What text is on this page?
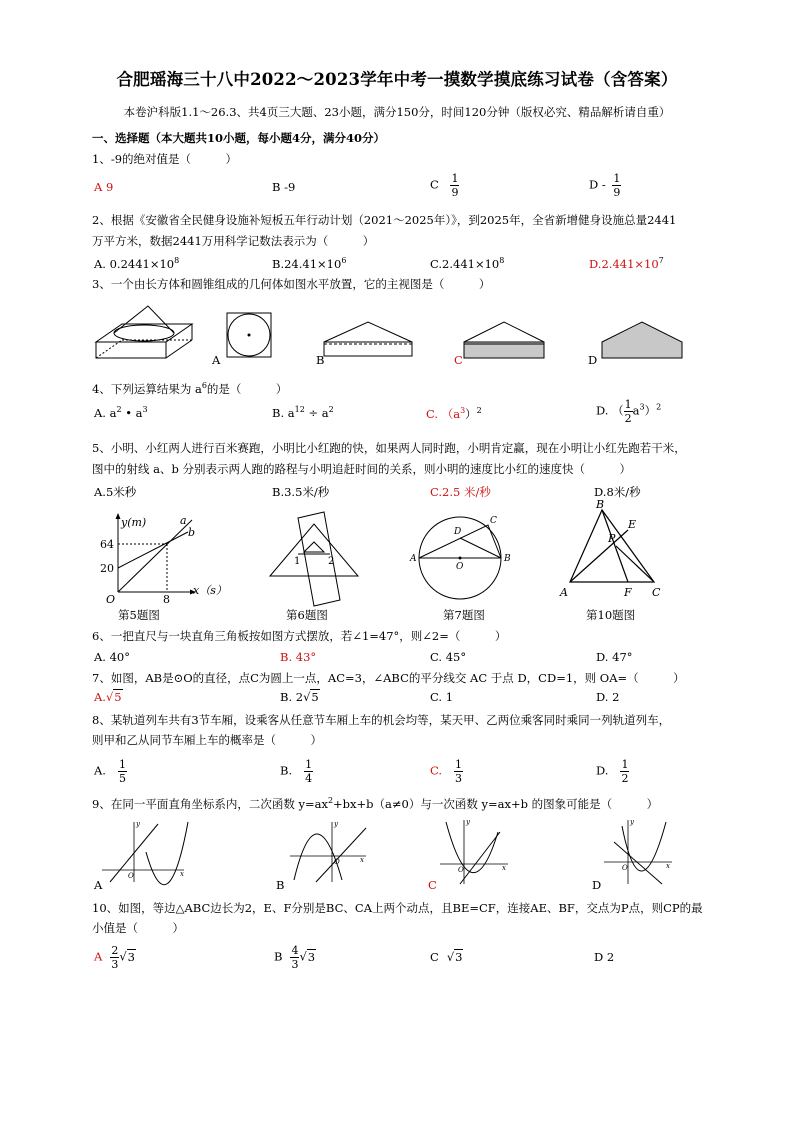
合肥瑶海三十八中2022～2023学年中考一摸数学摸底练习试卷（含答案）
本卷沪科版1.1～26.3、共4页三大题、23小题，满分150分，时间120分钟（版权必究、精品解析请自重）
一、选择题（本大题共10小题，每小题4分，满分40分）
1、-9的绝对值是（　　　）
A 9	B -9	C $\frac{1}{9}$	D - $\frac{1}{9}$
2、根据《安徽省全民健身设施补短板五年行动计划（2021～2025年）》，到2025年，全省新增健身设施总量2441
万平方米，数据2441万用科学记数法表示为（　　　）
A. $0.2441\times 10^8$	$B.24.41\times 10^6$	$C.2.441\times 10^8$	$D.2.441\times 10^7$
3、一个由长方体和圆锥组成的几何体如图水平放置，它的主视图是（　　　）
A	B	C	D
4、下列运算结果为 $a^6$的是（　　　）
A. $a^2$ • $a^3$	B. $a^{12} \div a^2$	C. $(a^3)^2$	D. （ $\frac{1}{2} a^3)^2$
5、小明、小红两人进行百米赛跑，小明比小红跑的快，如果两人同时跑，小明肯定赢，现在小明让小红先跑若干米，
图中的射线 a、b 分别表示两人跑的路程与小明追赶时间的关系，则小明的速度比小红的速度快（　　　）
A.5米秒	B.3.5米/秒	C.2.5 米/秒	D.8米/秒
y(m)
64
20
O	8
x（s）
a
b
第5题图
1	2
第6题图
A	B
C
D
O
第7题图
A
B
C
E
F
P
第10题图
6、一把直尺与一块直角三角板按如图方式摆放，若∠1=47°，则∠2=（　　　）
A. 40°	B. 43°	C. 45°	D. 47°
7、如图，AB是⊙O的直径，点C为圆上一点，AC=3，∠ABC的平分线交 AC 于点 D，CD=1，则 OA=（　　　）
A.√5	B. 2√5	C. 1	D. 2
8、某轨道列车共有3节车厢，设乘客从任意节车厢上车的机会均等，某天甲、乙两位乘客同时乘同一列轨道列车，
则甲和乙从同节车厢上车的概率是（　　　）
A. $\frac{1}{5}$	B. $\frac{1}{4}$	C. $\frac{1}{3}$	D. $\frac{1}{2}$
9、在同一平面直角坐标系内，二次函数 $y=ax^2+bx+b(a\ne 0)$与一次函数 y=ax+b 的图象可能是（　　　）
O	x
y
A
O	x
y
B
O	x
y
C
O	x
y
D
10、如图，等边△ABC边长为2，E、F分别是BC、CA上两个动点，且BE=CF，连接AE、BF，交点为P点，则CP的最
小值是（　　　）
A $\frac{2}{3} √3$	B $\frac{4}{3} √3$	C √3	D 2
